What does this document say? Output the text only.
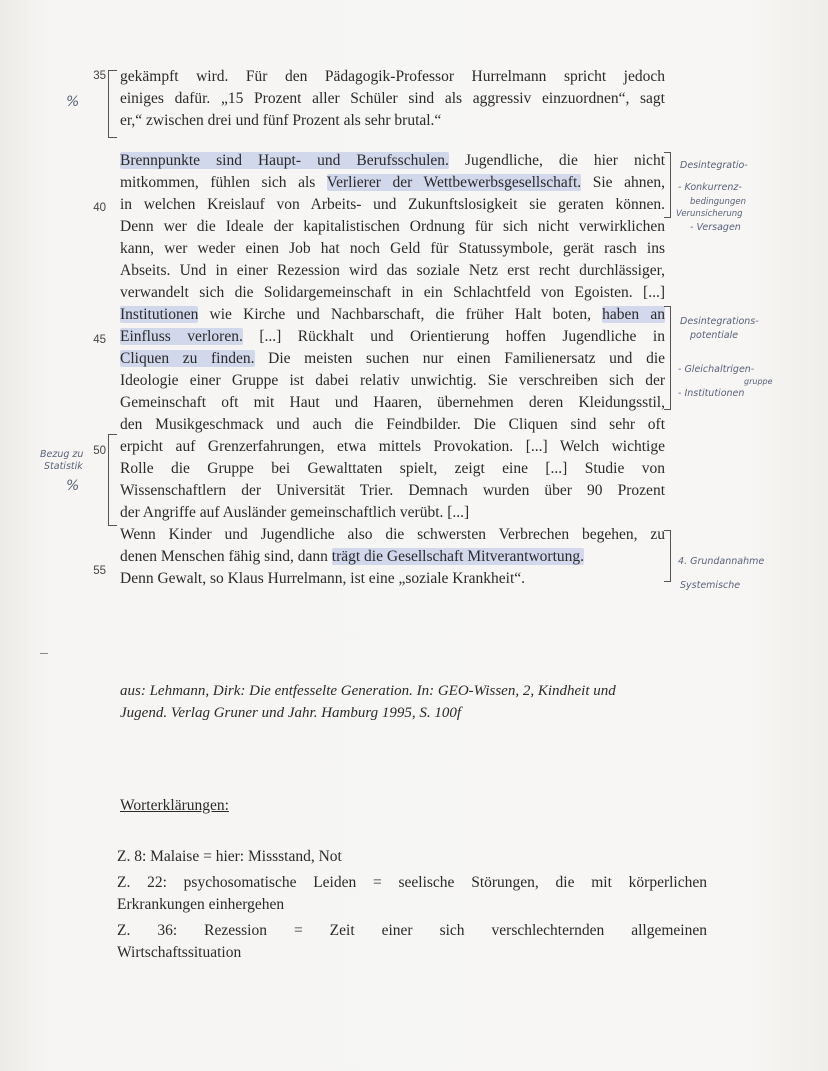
35
40
45
50
55
gekämpft wird. Für den Pädagogik-Professor Hurrelmann spricht jedoch
einiges dafür. „15 Prozent aller Schüler sind als aggressiv einzuordnen“, sagt
er,“ zwischen drei und fünf Prozent als sehr brutal.“
Brennpunkte sind Haupt- und Berufsschulen. Jugendliche, die hier nicht
mitkommen, fühlen sich als Verlierer der Wettbewerbsgesellschaft. Sie ahnen,
in welchen Kreislauf von Arbeits- und Zukunftslosigkeit sie geraten können.
Denn wer die Ideale der kapitalistischen Ordnung für sich nicht verwirklichen
kann, wer weder einen Job hat noch Geld für Statussymbole, gerät rasch ins
Abseits. Und in einer Rezession wird das soziale Netz erst recht durchlässiger,
verwandelt sich die Solidargemeinschaft in ein Schlachtfeld von Egoisten. [...]
Institutionen wie Kirche und Nachbarschaft, die früher Halt boten, haben an
Einfluss verloren. [...] Rückhalt und Orientierung hoffen Jugendliche in
Cliquen zu finden. Die meisten suchen nur einen Familienersatz und die
Ideologie einer Gruppe ist dabei relativ unwichtig. Sie verschreiben sich der
Gemeinschaft oft mit Haut und Haaren, übernehmen deren Kleidungsstil,
den Musikgeschmack und auch die Feindbilder. Die Cliquen sind sehr oft
erpicht auf Grenzerfahrungen, etwa mittels Provokation. [...] Welch wichtige
Rolle die Gruppe bei Gewalttaten spielt, zeigt eine [...] Studie von
Wissenschaftlern der Universität Trier. Demnach wurden über 90 Prozent
der Angriffe auf Ausländer gemeinschaftlich verübt. [...]
Wenn Kinder und Jugendliche also die schwersten Verbrechen begehen, zu
denen Menschen fähig sind, dann trägt die Gesellschaft Mitverantwortung.
Denn Gewalt, so Klaus Hurrelmann, ist eine „soziale Krankheit“.
%
Bezug zu
Statistik
%
Desintegratio-
- Konkurrenz-
bedingungen
Verunsicherung
- Versagen
Desintegrations-
potentiale
- Gleichaltrigen-
gruppe
- Institutionen
4. Grundannahme
Systemische
aus: Lehmann, Dirk: Die entfesselte Generation. In: GEO-Wissen, 2, Kindheit und
Jugend. Verlag Gruner und Jahr. Hamburg 1995, S. 100f
Worterklärungen:
Z. 8: Malaise = hier: Missstand, Not
Z. 22: psychosomatische Leiden = seelische Störungen, die mit körperlichen
Erkrankungen einhergehen
Z. 36: Rezession = Zeit einer sich verschlechternden allgemeinen
Wirtschaftssituation
